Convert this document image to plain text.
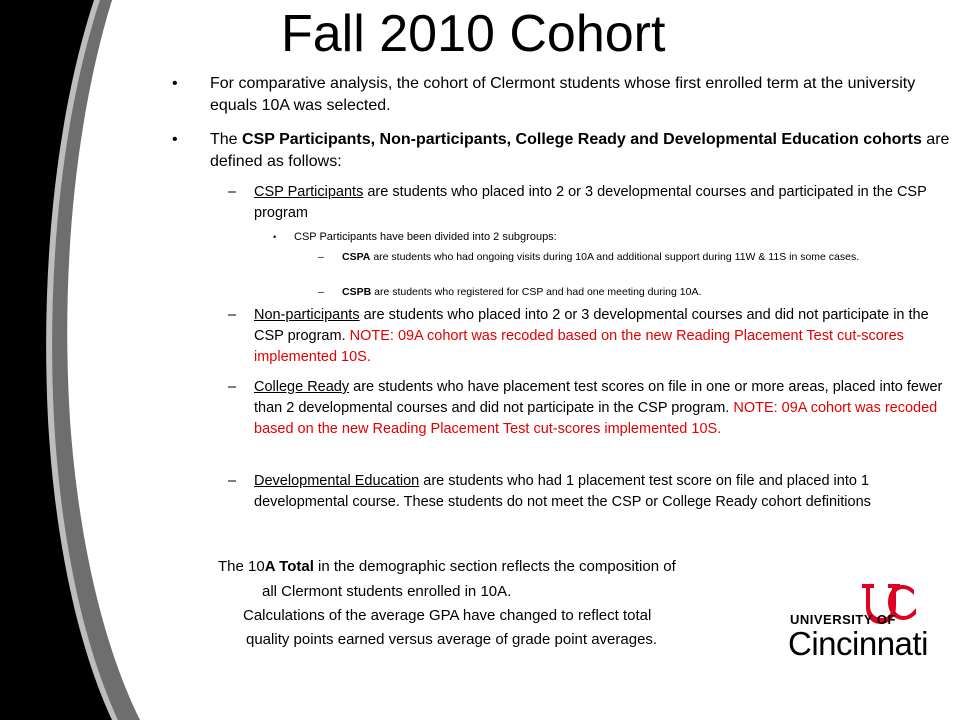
Fall 2010 Cohort
• For comparative analysis, the cohort of Clermont students whose first enrolled term at the university equals 10A was selected.

• The CSP Participants, Non-participants, College Ready and Developmental Education cohorts are defined as follows:

– CSP Participants are students who placed into 2 or 3 developmental courses and participated in the CSP program

• CSP Participants have been divided into 2 subgroups:

– CSPA are students who had ongoing visits during 10A and additional support during 11W & 11S in some cases.

– CSPB are students who registered for CSP and had one meeting during 10A.

– Non-participants are students who placed into 2 or 3 developmental courses and did not participate in the CSP program. NOTE: 09A cohort was recoded based on the new Reading Placement Test cut-scores implemented 10S.

– College Ready are students who have placement test scores on file in one or more areas, placed into fewer than 2 developmental courses and did not participate in the CSP program. NOTE: 09A cohort was recoded based on the new Reading Placement Test cut-scores implemented 10S.

– Developmental Education are students who had 1 placement test score on file and placed into 1 developmental course. These students do not meet the CSP or College Ready cohort definitions

The 10A Total in the demographic section reflects the composition of

all Clermont students enrolled in 10A.

Calculations of the average GPA have changed to reflect total

quality points earned versus average of grade point averages.

UNIVERSITY OF
Cincinnati
